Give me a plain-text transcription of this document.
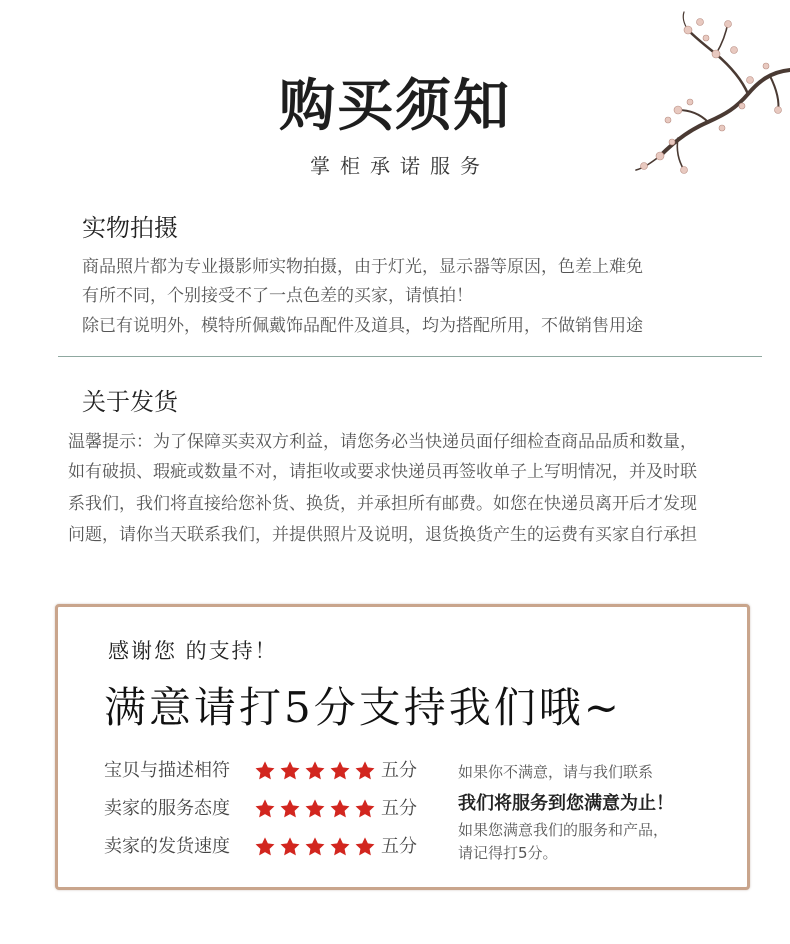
购买须知
掌柜承诺服务
实物拍摄
商品照片都为专业摄影师实物拍摄，由于灯光，显示器等原因，色差上难免
有所不同，个别接受不了一点色差的买家，请慎拍！
除已有说明外，模特所佩戴饰品配件及道具，均为搭配所用，不做销售用途
关于发货
温馨提示：为了保障买卖双方利益，请您务必当快递员面仔细检查商品品质和数量，
如有破损、瑕疵或数量不对，请拒收或要求快递员再签收单子上写明情况，并及时联
系我们，我们将直接给您补货、换货，并承担所有邮费。如您在快递员离开后才发现
问题，请你当天联系我们，并提供照片及说明，退货换货产生的运费有买家自行承担
感谢您 的支持！
满意请打5分支持我们哦~
宝贝与描述相符	五分
卖家的服务态度	五分
卖家的发货速度	五分
如果你不满意，请与我们联系
我们将服务到您满意为止！
如果您满意我们的服务和产品，
请记得打5分。
